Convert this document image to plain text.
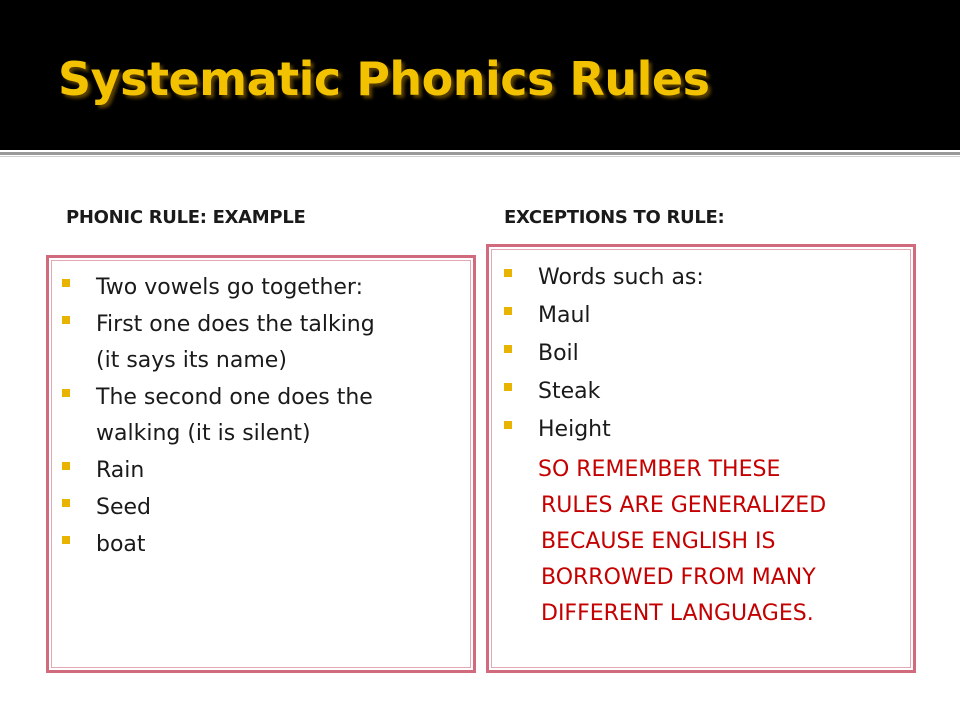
Systematic Phonics Rules
PHONIC RULE: EXAMPLE	EXCEPTIONS TO RULE:
Two vowels go together:
First one does the talking
(it says its name)
The second one does the
walking (it is silent)
Rain
Seed
boat
Words such as:
Maul
Boil
Steak
Height
SO REMEMBER THESE
RULES ARE GENERALIZED
BECAUSE ENGLISH IS
BORROWED FROM MANY
DIFFERENT LANGUAGES.
